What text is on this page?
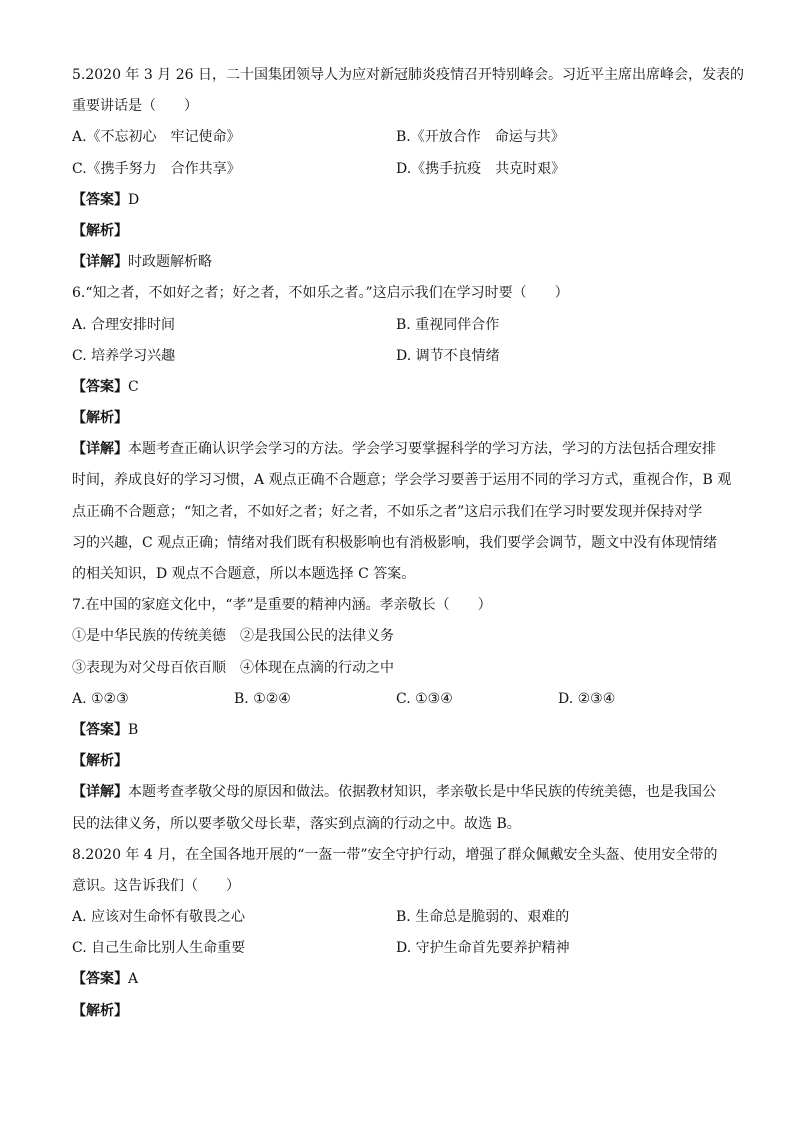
5.2020 年 3 月 26 日，二十国集团领导人为应对新冠肺炎疫情召开特别峰会。习近平主席出席峰会，发表的
重要讲话是（　　）
A.《不忘初心　牢记使命》	B.《开放合作　命运与共》
C.《携手努力　合作共享》	D.《携手抗疫　共克时艰》
【答案】D
【解析】
【详解】时政题解析略
6.“知之者，不如好之者；好之者，不如乐之者。”这启示我们在学习时要（　　）
A. 合理安排时间	B. 重视同伴合作
C. 培养学习兴趣	D. 调节不良情绪
【答案】C
【解析】
【详解】本题考查正确认识学会学习的方法。学会学习要掌握科学的学习方法，学习的方法包括合理安排
时间，养成良好的学习习惯，A 观点正确不合题意；学会学习要善于运用不同的学习方式，重视合作，B 观
点正确不合题意；“知之者，不如好之者；好之者，不如乐之者”这启示我们在学习时要发现并保持对学
习的兴趣，C 观点正确；情绪对我们既有积极影响也有消极影响，我们要学会调节，题文中没有体现情绪
的相关知识，D 观点不合题意，所以本题选择 C 答案。
7.在中国的家庭文化中，“孝”是重要的精神内涵。孝亲敬长（　　）
①是中华民族的传统美德　②是我国公民的法律义务
③表现为对父母百依百顺　④体现在点滴的行动之中
A. ①②③	B. ①②④	C. ①③④	D. ②③④
【答案】B
【解析】
【详解】本题考查孝敬父母的原因和做法。依据教材知识，孝亲敬长是中华民族的传统美德，也是我国公
民的法律义务，所以要孝敬父母长辈，落实到点滴的行动之中。故选 B。
8.2020 年 4 月，在全国各地开展的“一盔一带”安全守护行动，增强了群众佩戴安全头盔、使用安全带的
意识。这告诉我们（　　）
A. 应该对生命怀有敬畏之心	B. 生命总是脆弱的、艰难的
C. 自己生命比别人生命重要	D. 守护生命首先要养护精神
【答案】A
【解析】
